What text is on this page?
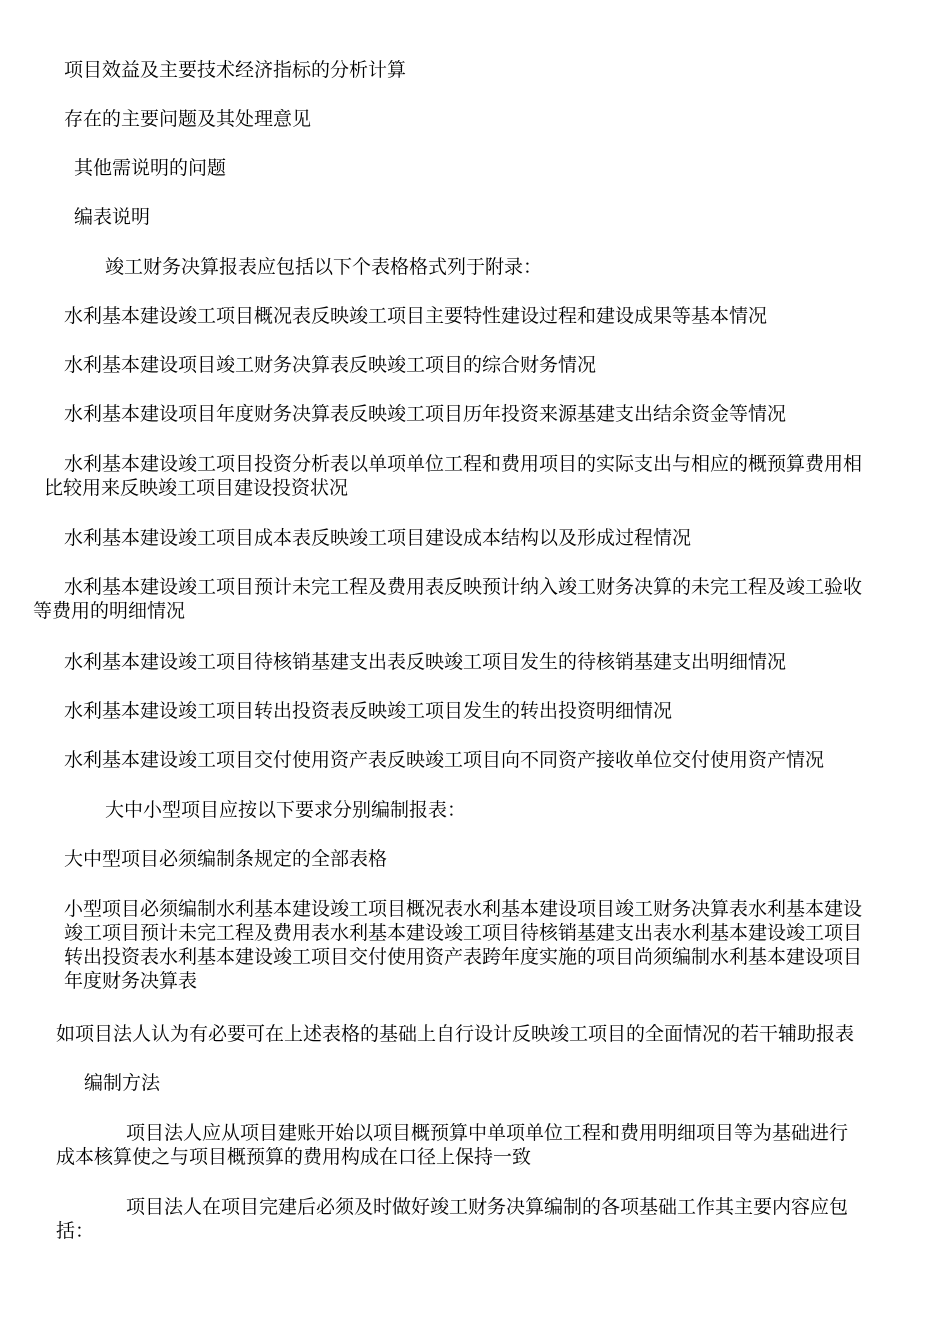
项目效益及主要技术经济指标的分析计算

存在的主要问题及其处理意见

其他需说明的问题

编表说明

竣工财务决算报表应包括以下个表格格式列于附录：

水利基本建设竣工项目概况表反映竣工项目主要特性建设过程和建设成果等基本情况

水利基本建设项目竣工财务决算表反映竣工项目的综合财务情况

水利基本建设项目年度财务决算表反映竣工项目历年投资来源基建支出结余资金等情况

水利基本建设竣工项目投资分析表以单项单位工程和费用项目的实际支出与相应的概预算费用相
比较用来反映竣工项目建设投资状况

水利基本建设竣工项目成本表反映竣工项目建设成本结构以及形成过程情况

水利基本建设竣工项目预计未完工程及费用表反映预计纳入竣工财务决算的未完工程及竣工验收
等费用的明细情况

水利基本建设竣工项目待核销基建支出表反映竣工项目发生的待核销基建支出明细情况

水利基本建设竣工项目转出投资表反映竣工项目发生的转出投资明细情况

水利基本建设竣工项目交付使用资产表反映竣工项目向不同资产接收单位交付使用资产情况

大中小型项目应按以下要求分别编制报表：

大中型项目必须编制条规定的全部表格

小型项目必须编制水利基本建设竣工项目概况表水利基本建设项目竣工财务决算表水利基本建设
竣工项目预计未完工程及费用表水利基本建设竣工项目待核销基建支出表水利基本建设竣工项目
转出投资表水利基本建设竣工项目交付使用资产表跨年度实施的项目尚须编制水利基本建设项目
年度财务决算表

如项目法人认为有必要可在上述表格的基础上自行设计反映竣工项目的全面情况的若干辅助报表

编制方法

项目法人应从项目建账开始以项目概预算中单项单位工程和费用明细项目等为基础进行
成本核算使之与项目概预算的费用构成在口径上保持一致
项目法人在项目完建后必须及时做好竣工财务决算编制的各项基础工作其主要内容应包
括：
